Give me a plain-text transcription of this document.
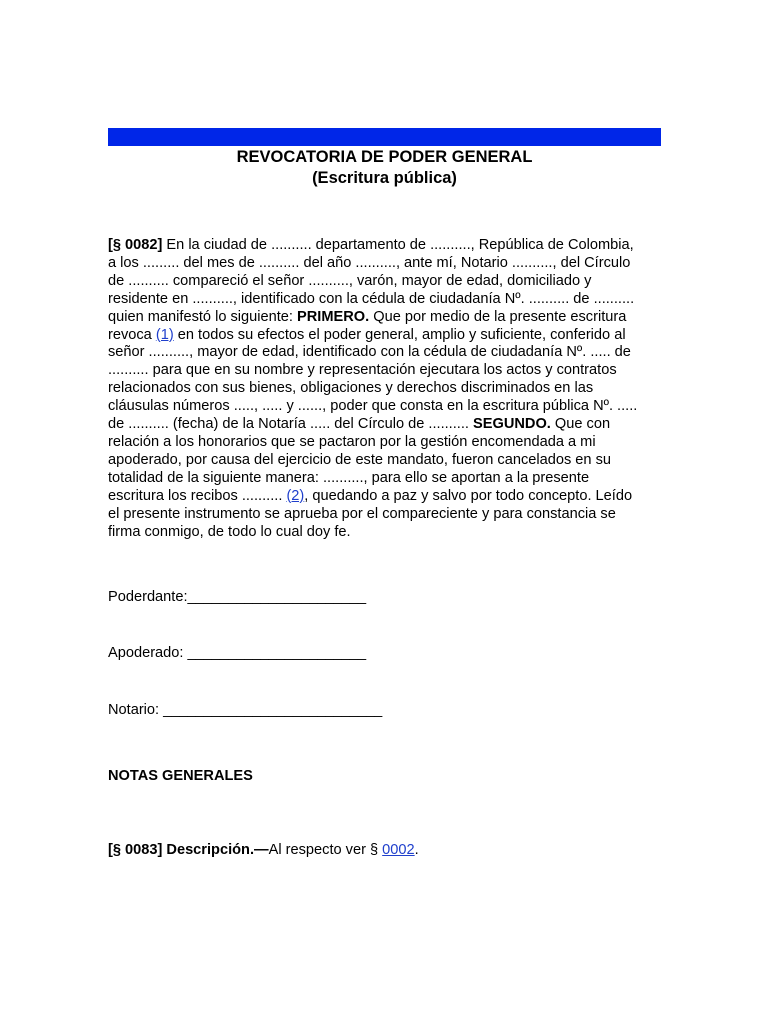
REVOCATORIA DE PODER GENERAL
(Escritura pública)
[§ 0082] En la ciudad de .......... departamento de .........., República de Colombia,
a los ......... del mes de .......... del año .........., ante mí, Notario .........., del Círculo
de .......... compareció el señor .........., varón, mayor de edad, domiciliado y
residente en .........., identificado con la cédula de ciudadanía Nº. .......... de ..........
quien manifestó lo siguiente: PRIMERO. Que por medio de la presente escritura
revoca (1) en todos su efectos el poder general, amplio y suficiente, conferido al
señor .........., mayor de edad, identificado con la cédula de ciudadanía Nº. ..... de
.......... para que en su nombre y representación ejecutara los actos y contratos
relacionados con sus bienes, obligaciones y derechos discriminados en las
cláusulas números ....., ..... y ......, poder que consta en la escritura pública Nº. .....
de .......... (fecha) de la Notaría ..... del Círculo de .......... SEGUNDO. Que con
relación a los honorarios que se pactaron por la gestión encomendada a mi
apoderado, por causa del ejercicio de este mandato, fueron cancelados en su
totalidad de la siguiente manera: .........., para ello se aportan a la presente
escritura los recibos .......... (2), quedando a paz y salvo por todo concepto. Leído
el presente instrumento se aprueba por el compareciente y para constancia se
firma conmigo, de todo lo cual doy fe.
Poderdante:______________________
Apoderado: ______________________
Notario: ___________________________
NOTAS GENERALES
[§ 0083] Descripción.—Al respecto ver § 0002.
